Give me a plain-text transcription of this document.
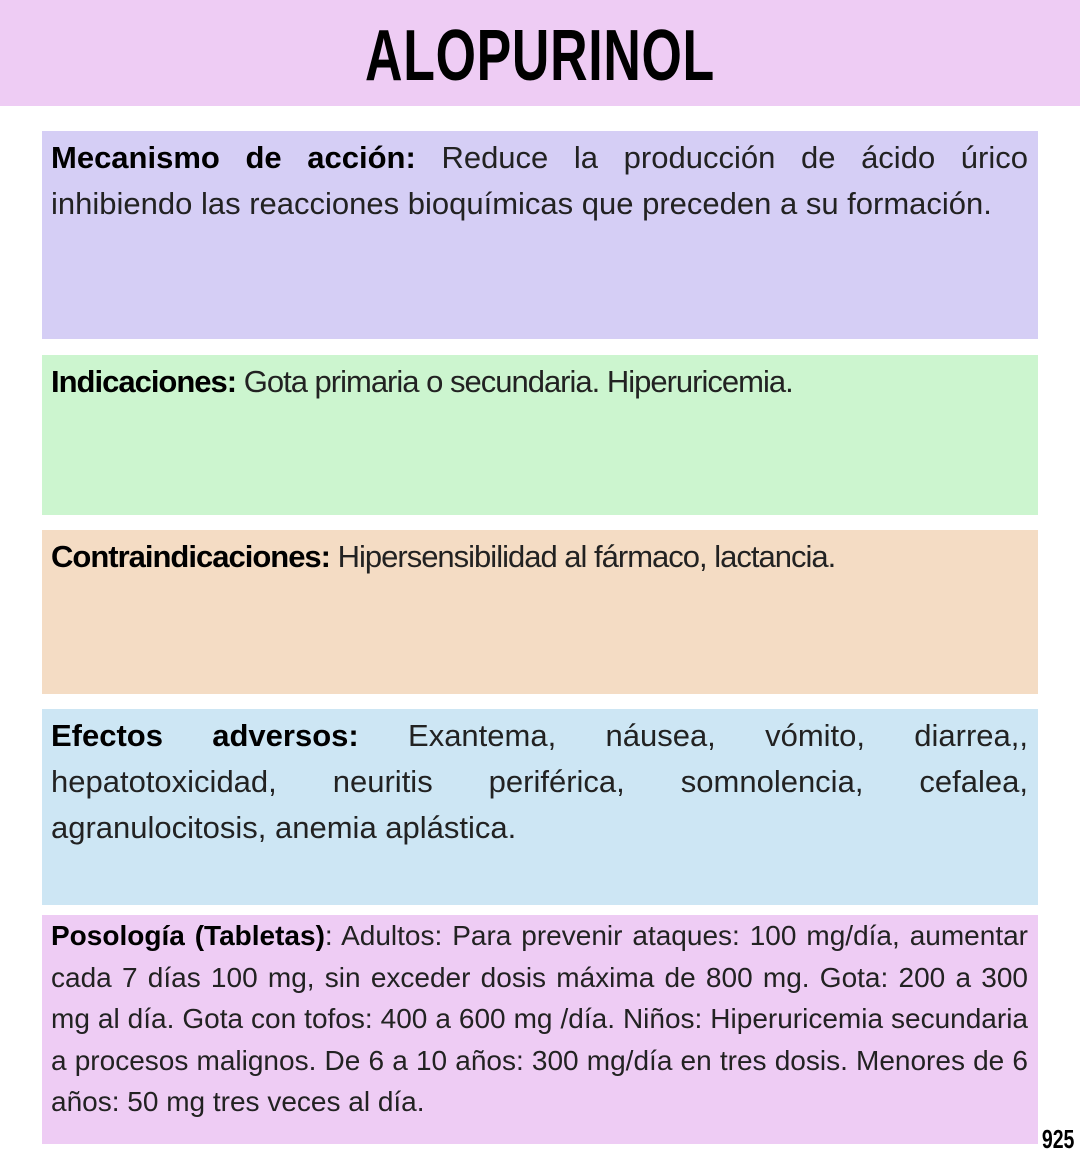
ALOPURINOL
Mecanismo de acción: Reduce la producción de ácido úrico inhibiendo las reacciones bioquímicas que preceden a su formación.
Indicaciones: Gota primaria o secundaria. Hiperuricemia.
Contraindicaciones: Hipersensibilidad al fármaco, lactancia.
Efectos adversos: Exantema, náusea, vómito, diarrea,, hepatotoxicidad, neuritis periférica, somnolencia, cefalea, agranulocitosis, anemia aplástica.
Posología (Tabletas): Adultos: Para prevenir ataques: 100 mg/día, aumentar cada 7 días 100 mg, sin exceder dosis máxima de 800 mg. Gota: 200 a 300 mg al día. Gota con tofos: 400 a 600 mg /día. Niños: Hiperuricemia secundaria a procesos malignos. De 6 a 10 años: 300 mg/día en tres dosis. Menores de 6 años: 50 mg tres veces al día.
925
